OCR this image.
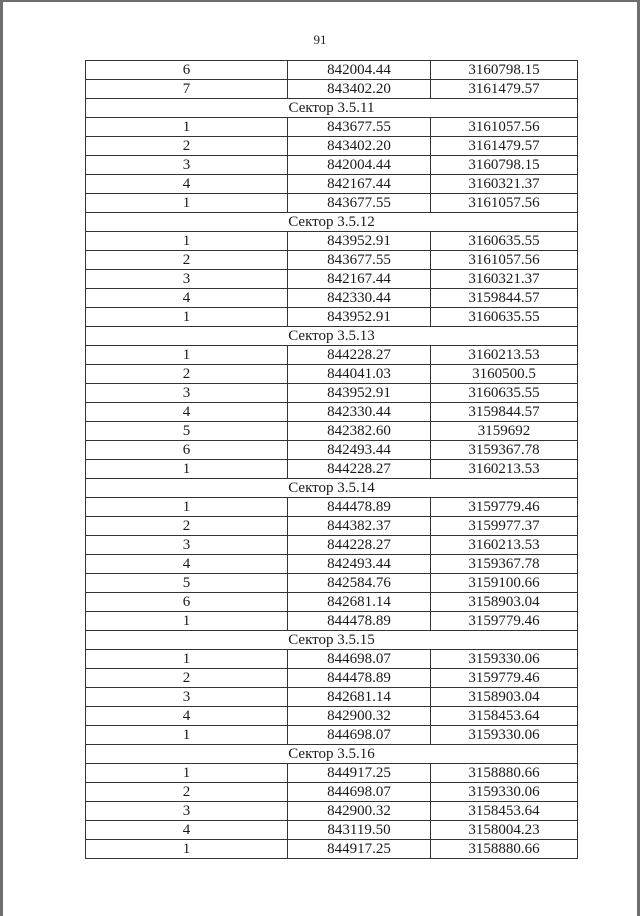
91
6	842004.44	3160798.15
7	843402.20	3161479.57
Сектор 3.5.11		
1	843677.55	3161057.56
2	843402.20	3161479.57
3	842004.44	3160798.15
4	842167.44	3160321.37
1	843677.55	3161057.56
Сектор 3.5.12		
1	843952.91	3160635.55
2	843677.55	3161057.56
3	842167.44	3160321.37
4	842330.44	3159844.57
1	843952.91	3160635.55
Сектор 3.5.13		
1	844228.27	3160213.53
2	844041.03	3160500.5
3	843952.91	3160635.55
4	842330.44	3159844.57
5	842382.60	3159692
6	842493.44	3159367.78
1	844228.27	3160213.53
Сектор 3.5.14		
1	844478.89	3159779.46
2	844382.37	3159977.37
3	844228.27	3160213.53
4	842493.44	3159367.78
5	842584.76	3159100.66
6	842681.14	3158903.04
1	844478.89	3159779.46
Сектор 3.5.15		
1	844698.07	3159330.06
2	844478.89	3159779.46
3	842681.14	3158903.04
4	842900.32	3158453.64
1	844698.07	3159330.06
Сектор 3.5.16		
1	844917.25	3158880.66
2	844698.07	3159330.06
3	842900.32	3158453.64
4	843119.50	3158004.23
1	844917.25	3158880.66
